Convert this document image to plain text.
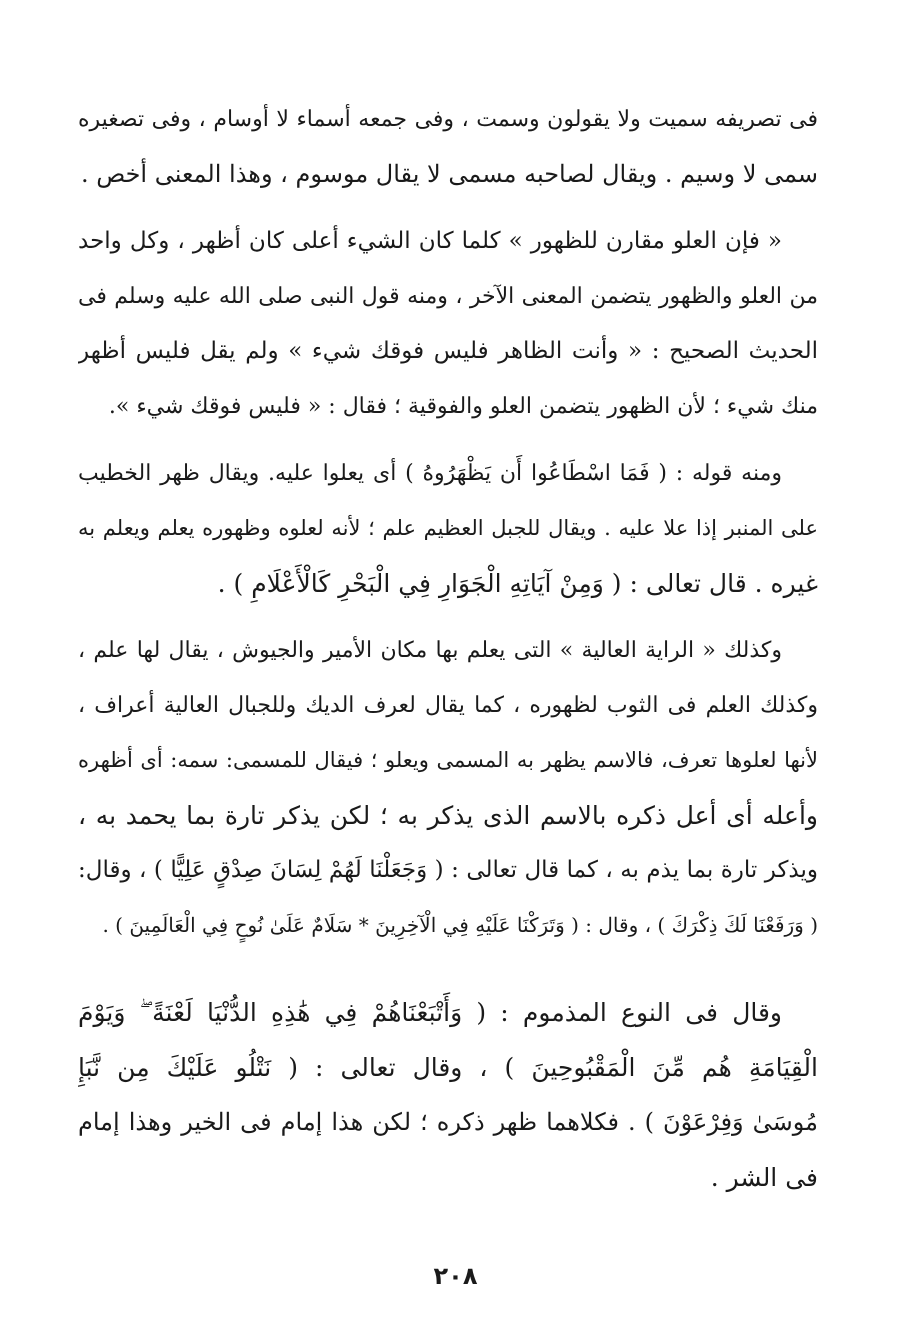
فى تصريفه سميت ولا يقولون وسمت ، وفى جمعه أسماء لا أوسام ، وفى تصغيره
سمى لا وسيم . ويقال لصاحبه مسمى لا يقال موسوم ، وهذا المعنى أخص .
« فإن العلو مقارن للظهور » كلما كان الشيء أعلى كان أظهر ، وكل واحد
من العلو والظهور يتضمن المعنى الآخر ، ومنه قول النبى صلى الله عليه وسلم فى
الحديث الصحيح : « وأنت الظاهر فليس فوقك شيء » ولم يقل فليس أظهر
منك شيء ؛ لأن الظهور يتضمن العلو والفوقية ؛ فقال : « فليس فوقك شيء ».
ومنه قوله : ( فَمَا اسْطَاعُوا أَن يَظْهَرُوهُ ) أى يعلوا عليه. ويقال ظهر الخطيب
على المنبر إذا علا عليه . ويقال للجبل العظيم علم ؛ لأنه لعلوه وظهوره يعلم ويعلم به
غيره . قال تعالى : ( وَمِنْ آيَاتِهِ الْجَوَارِ فِي الْبَحْرِ كَالْأَعْلَامِ ) .
وكذلك « الراية العالية » التى يعلم بها مكان الأمير والجيوش ، يقال لها علم ،
وكذلك العلم فى الثوب لظهوره ، كما يقال لعرف الديك وللجبال العالية أعراف ،
لأنها لعلوها تعرف، فالاسم يظهر به المسمى ويعلو ؛ فيقال للمسمى: سمه: أى أظهره
وأعله أى أعل ذكره بالاسم الذى يذكر به ؛ لكن يذكر تارة بما يحمد به ،
ويذكر تارة بما يذم به ، كما قال تعالى : ( وَجَعَلْنَا لَهُمْ لِسَانَ صِدْقٍ عَلِيًّا ) ، وقال:
( وَرَفَعْنَا لَكَ ذِكْرَكَ ) ، وقال : ( وَتَرَكْنَا عَلَيْهِ فِي الْآخِرِينَ * سَلَامٌ عَلَىٰ نُوحٍ فِي الْعَالَمِينَ ) .
وقال فى النوع المذموم : ( وَأَتْبَعْنَاهُمْ فِي هَٰذِهِ الدُّنْيَا لَعْنَةً ۖ وَيَوْمَ
الْقِيَامَةِ هُم مِّنَ الْمَقْبُوحِينَ ) ، وقال تعالى : ( نَتْلُو عَلَيْكَ مِن نَّبَإِ
مُوسَىٰ وَفِرْعَوْنَ ) . فكلاهما ظهر ذكره ؛ لكن هذا إمام فى الخير وهذا إمام
فى الشر .
٢٠٨
